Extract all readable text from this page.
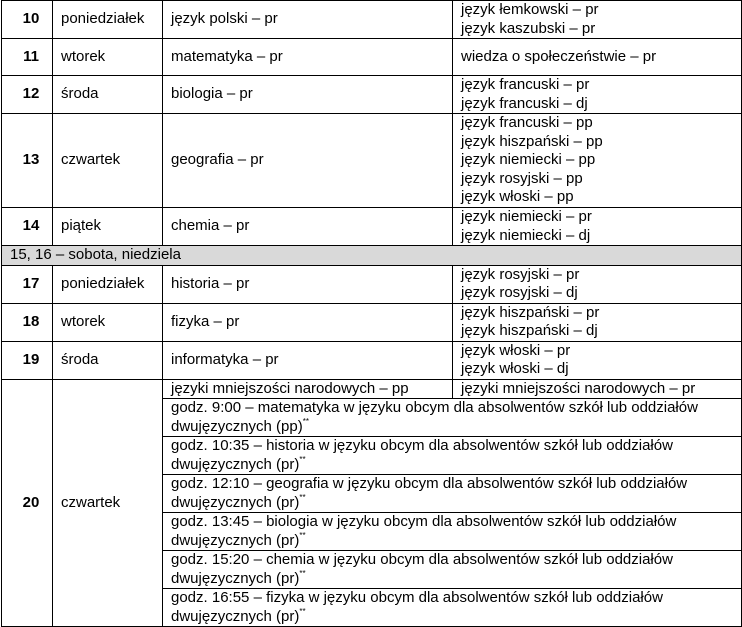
10	poniedziałek	język polski – pr	język łemkowski – pr
język kaszubski – pr

11	wtorek	matematyka – pr	wiedza o społeczeństwie – pr

12	środa	biologia – pr	język francuski – pr
język francuski – dj

13	czwartek	geografia – pr	język francuski – pp
język hiszpański – pp
język niemiecki – pp
język rosyjski – pp
język włoski – pp

14	piątek	chemia – pr	język niemiecki – pr
język niemiecki – dj

15, 16 – sobota, niedziela			
17	poniedziałek	historia – pr	język rosyjski – pr
język rosyjski – dj

18	wtorek	fizyka – pr	język hiszpański – pr
język hiszpański – dj

19	środa	informatyka – pr	język włoski – pr
język włoski – dj

20	czwartek	języki mniejszości narodowych – pp	języki mniejszości narodowych – pr
		godz. 9:00 – matematyka w języku obcym dla absolwentów szkół lub oddziałów dwujęzycznych (pp)**
		godz. 10:35 – historia w języku obcym dla absolwentów szkół lub oddziałów dwujęzycznych (pr)**
		godz. 12:10 – geografia w języku obcym dla absolwentów szkół lub oddziałów dwujęzycznych (pr)**
		godz. 13:45 – biologia w języku obcym dla absolwentów szkół lub oddziałów dwujęzycznych (pr)**
		godz. 15:20 – chemia w języku obcym dla absolwentów szkół lub oddziałów dwujęzycznych (pr)**
		godz. 16:55 – fizyka w języku obcym dla absolwentów szkół lub oddziałów dwujęzycznych (pr)**
